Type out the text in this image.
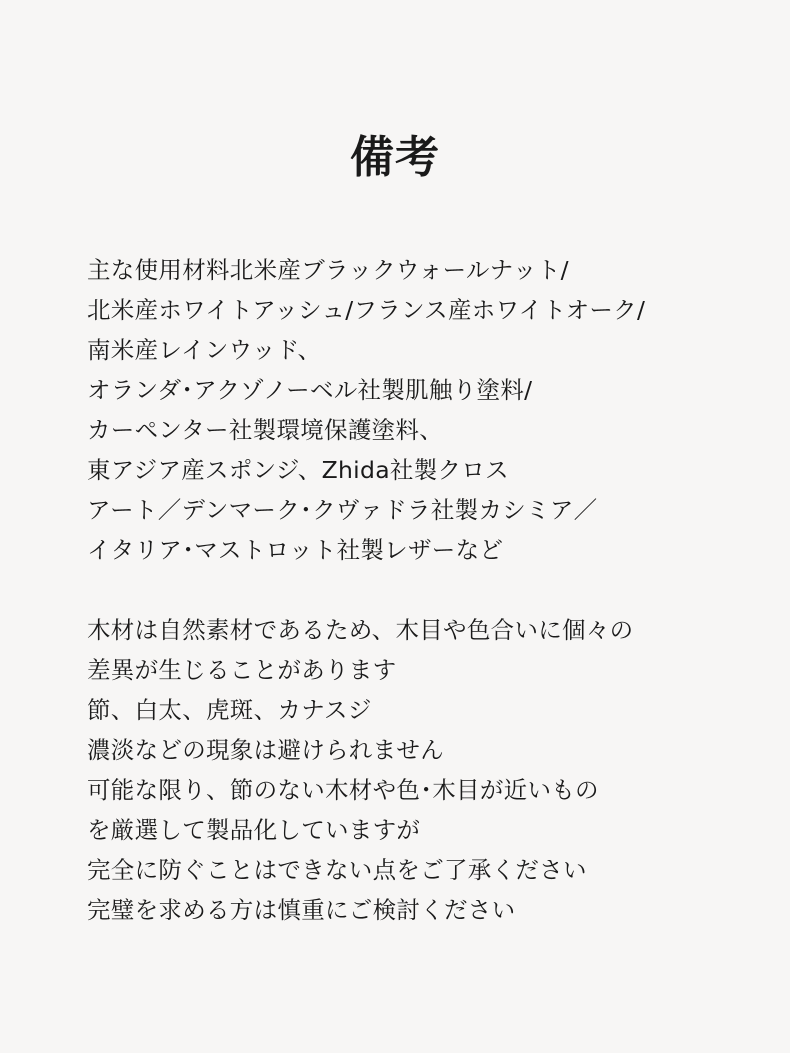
備考

主な使用材料北米産ブラックウォールナット/
北米産ホワイトアッシュ/フランス産ホワイトオーク/
南米産レインウッド、
オランダ･アクゾノーベル社製肌触り塗料/
カーペンター社製環境保護塗料、
東アジア産スポンジ、Zhida社製クロス
アート／デンマーク･クヴァドラ社製カシミア／
イタリア･マストロット社製レザーなど

木材は自然素材であるため、木目や色合いに個々の
差異が生じることがあります
節、白太、虎斑、カナスジ
濃淡などの現象は避けられません
可能な限り、節のない木材や色･木目が近いもの
を厳選して製品化していますが
完全に防ぐことはできない点をご了承ください
完璧を求める方は慎重にご検討ください
